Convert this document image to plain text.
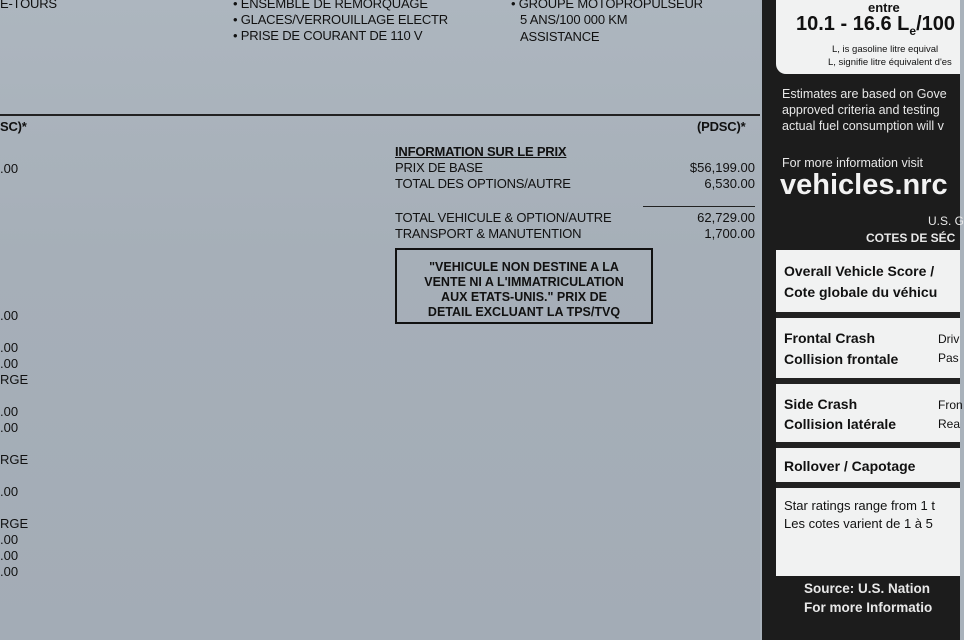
E-TOURS	• ENSEMBLE DE REMORQUAGE
• GLACES/VERROUILLAGE ELECTR
• PRISE DE COURANT DE 110 V
• GROUPE MOTOPROPULSEUR
5 ANS/100 000 KM
ASSISTANCE
SC)*	(PDSC)*
INFORMATION SUR LE PRIX
PRIX DE BASE	$56,199.00
TOTAL DES OPTIONS/AUTRE	6,530.00
TOTAL VEHICULE & OPTION/AUTRE	62,729.00
TRANSPORT & MANUTENTION	1,700.00
"VEHICULE NON DESTINE A LA
VENTE NI A L'IMMATRICULATION
AUX ETATS-UNIS." PRIX DE
DETAIL EXCLUANT LA TPS/TVQ
.00
.00
.00
.00
RGE
.00
.00
RGE
.00
RGE
.00
.00
.00
entre
10.1 - 16.6 $L_e/100$
L, is gasoline litre equival
L, signifie litre équivalent d'es
Estimates are based on Gove
approved criteria and testing
actual fuel consumption will v
For more information visit
vehicles.nrc
U.S. G
COTES DE SÉC
Overall Vehicle Score /
Cote globale du véhicu
Frontal Crash
Collision frontale
Driv
Pas
Side Crash
Collision latérale
Fron
Rea
Rollover / Capotage
Star ratings range from 1 t
Les cotes varient de 1 à 5
Source: U.S. Nation
For more Informatio
